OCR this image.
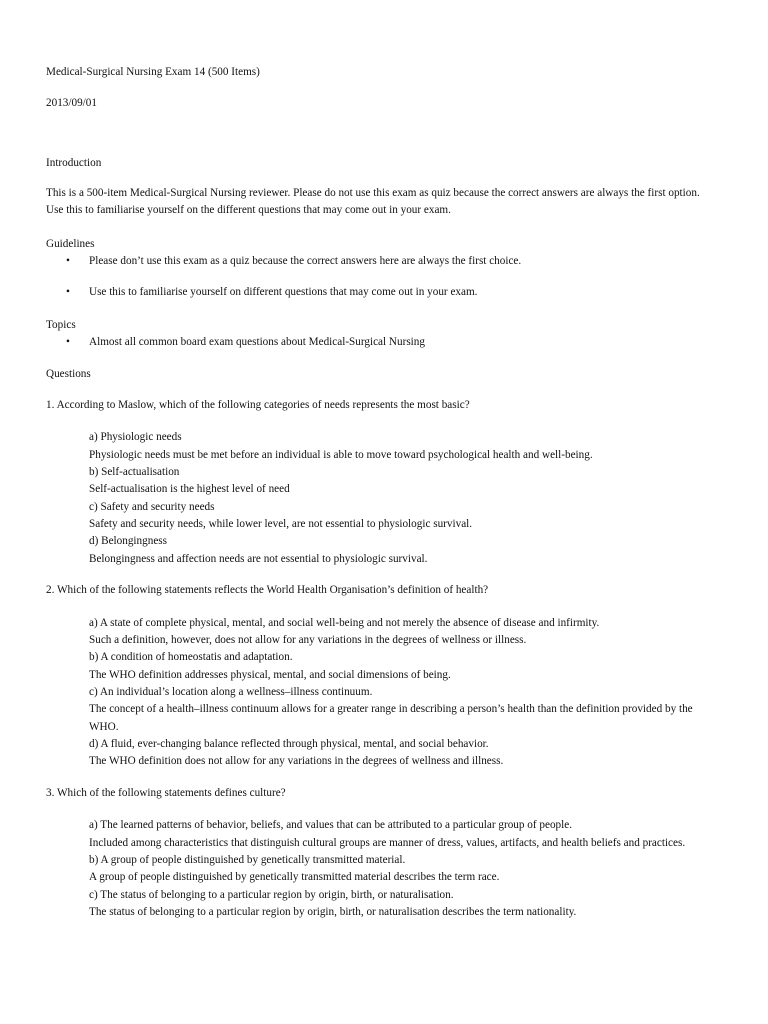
Medical-Surgical Nursing Exam 14 (500 Items)

2013/09/01

Introduction

This is a 500-item Medical-Surgical Nursing reviewer. Please do not use this exam as quiz because the correct answers are always the first option. Use this to familiarise yourself on the different questions that may come out in your exam.

Guidelines

• Please don’t use this exam as a quiz because the correct answers here are always the first choice.
• Use this to familiarise yourself on different questions that may come out in your exam.

Topics

• Almost all common board exam questions about Medical-Surgical Nursing

Questions

1. According to Maslow, which of the following categories of needs represents the most basic?

a) Physiologic needs

Physiologic needs must be met before an individual is able to move toward psychological health and well-being.

b) Self-actualisation

Self-actualisation is the highest level of need

c) Safety and security needs

Safety and security needs, while lower level, are not essential to physiologic survival.

d) Belongingness

Belongingness and affection needs are not essential to physiologic survival.

2. Which of the following statements reflects the World Health Organisation’s definition of health?

a) A state of complete physical, mental, and social well-being and not merely the absence of disease and infirmity.

Such a definition, however, does not allow for any variations in the degrees of wellness or illness.

b) A condition of homeostatis and adaptation.

The WHO definition addresses physical, mental, and social dimensions of being.

c) An individual’s location along a wellness–illness continuum.

The concept of a health–illness continuum allows for a greater range in describing a person’s health than the definition provided by the WHO.

d) A fluid, ever-changing balance reflected through physical, mental, and social behavior.

The WHO definition does not allow for any variations in the degrees of wellness and illness.

3. Which of the following statements defines culture?

a) The learned patterns of behavior, beliefs, and values that can be attributed to a particular group of people.

Included among characteristics that distinguish cultural groups are manner of dress, values, artifacts, and health beliefs and practices.

b) A group of people distinguished by genetically transmitted material.

A group of people distinguished by genetically transmitted material describes the term race.

c) The status of belonging to a particular region by origin, birth, or naturalisation.

The status of belonging to a particular region by origin, birth, or naturalisation describes the term nationality.
